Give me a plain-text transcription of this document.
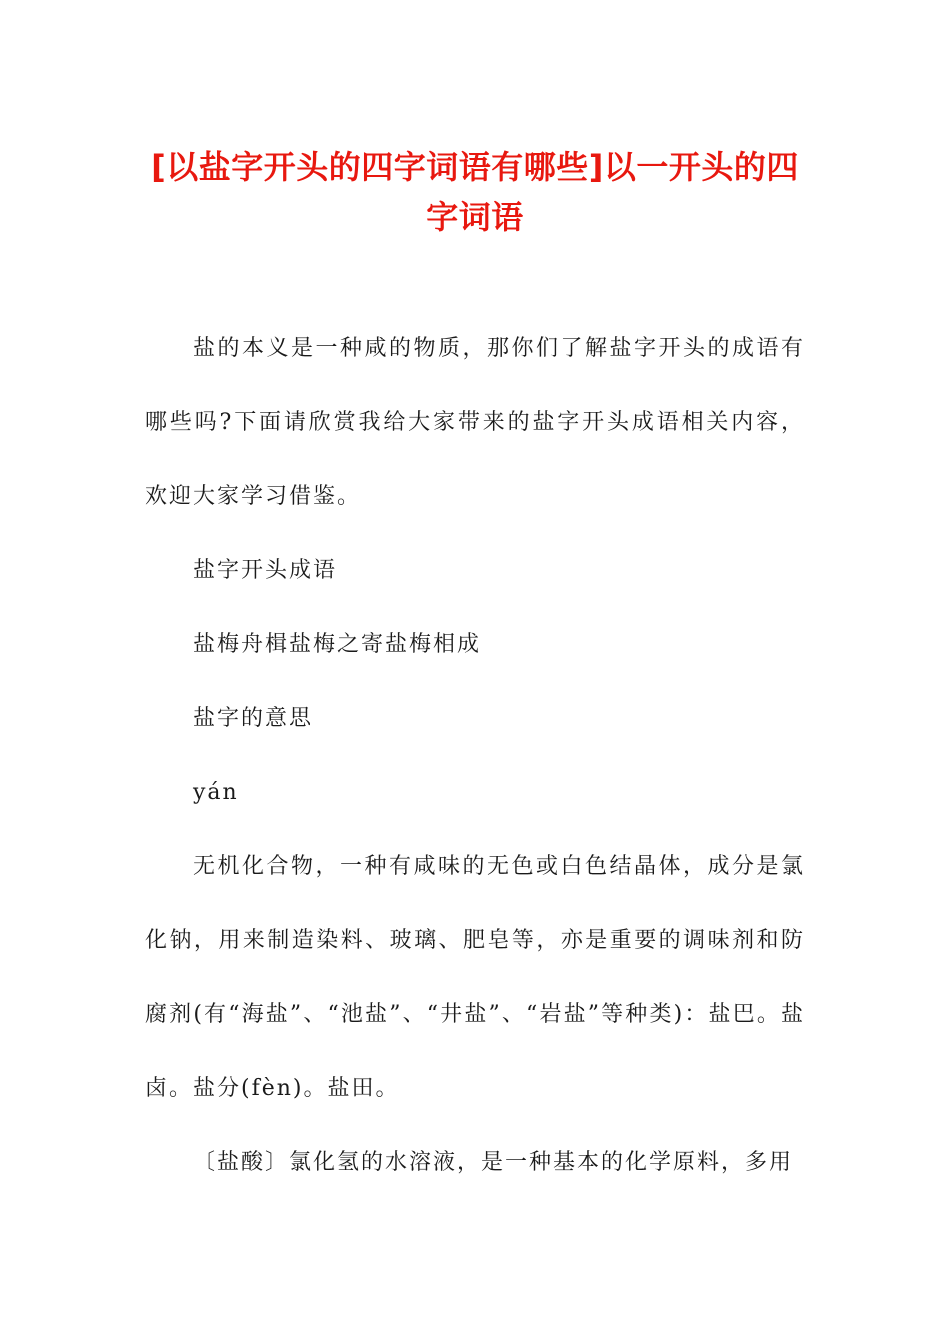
[以盐字开头的四字词语有哪些]以一开头的四字词语

盐的本义是一种咸的物质，那你们了解盐字开头的成语有哪些吗?下面请欣赏我给大家带来的盐字开头成语相关内容，欢迎大家学习借鉴。

盐字开头成语

盐梅舟楫盐梅之寄盐梅相成

盐字的意思

yán

无机化合物，一种有咸味的无色或白色结晶体，成分是氯化钠，用来制造染料、玻璃、肥皂等，亦是重要的调味剂和防腐剂(有“海盐”、“池盐”、“井盐”、“岩盐”等种类)：盐巴。盐卤。盐分(fèn)。盐田。

〔盐酸〕氯化氢的水溶液，是一种基本的化学原料，多用
